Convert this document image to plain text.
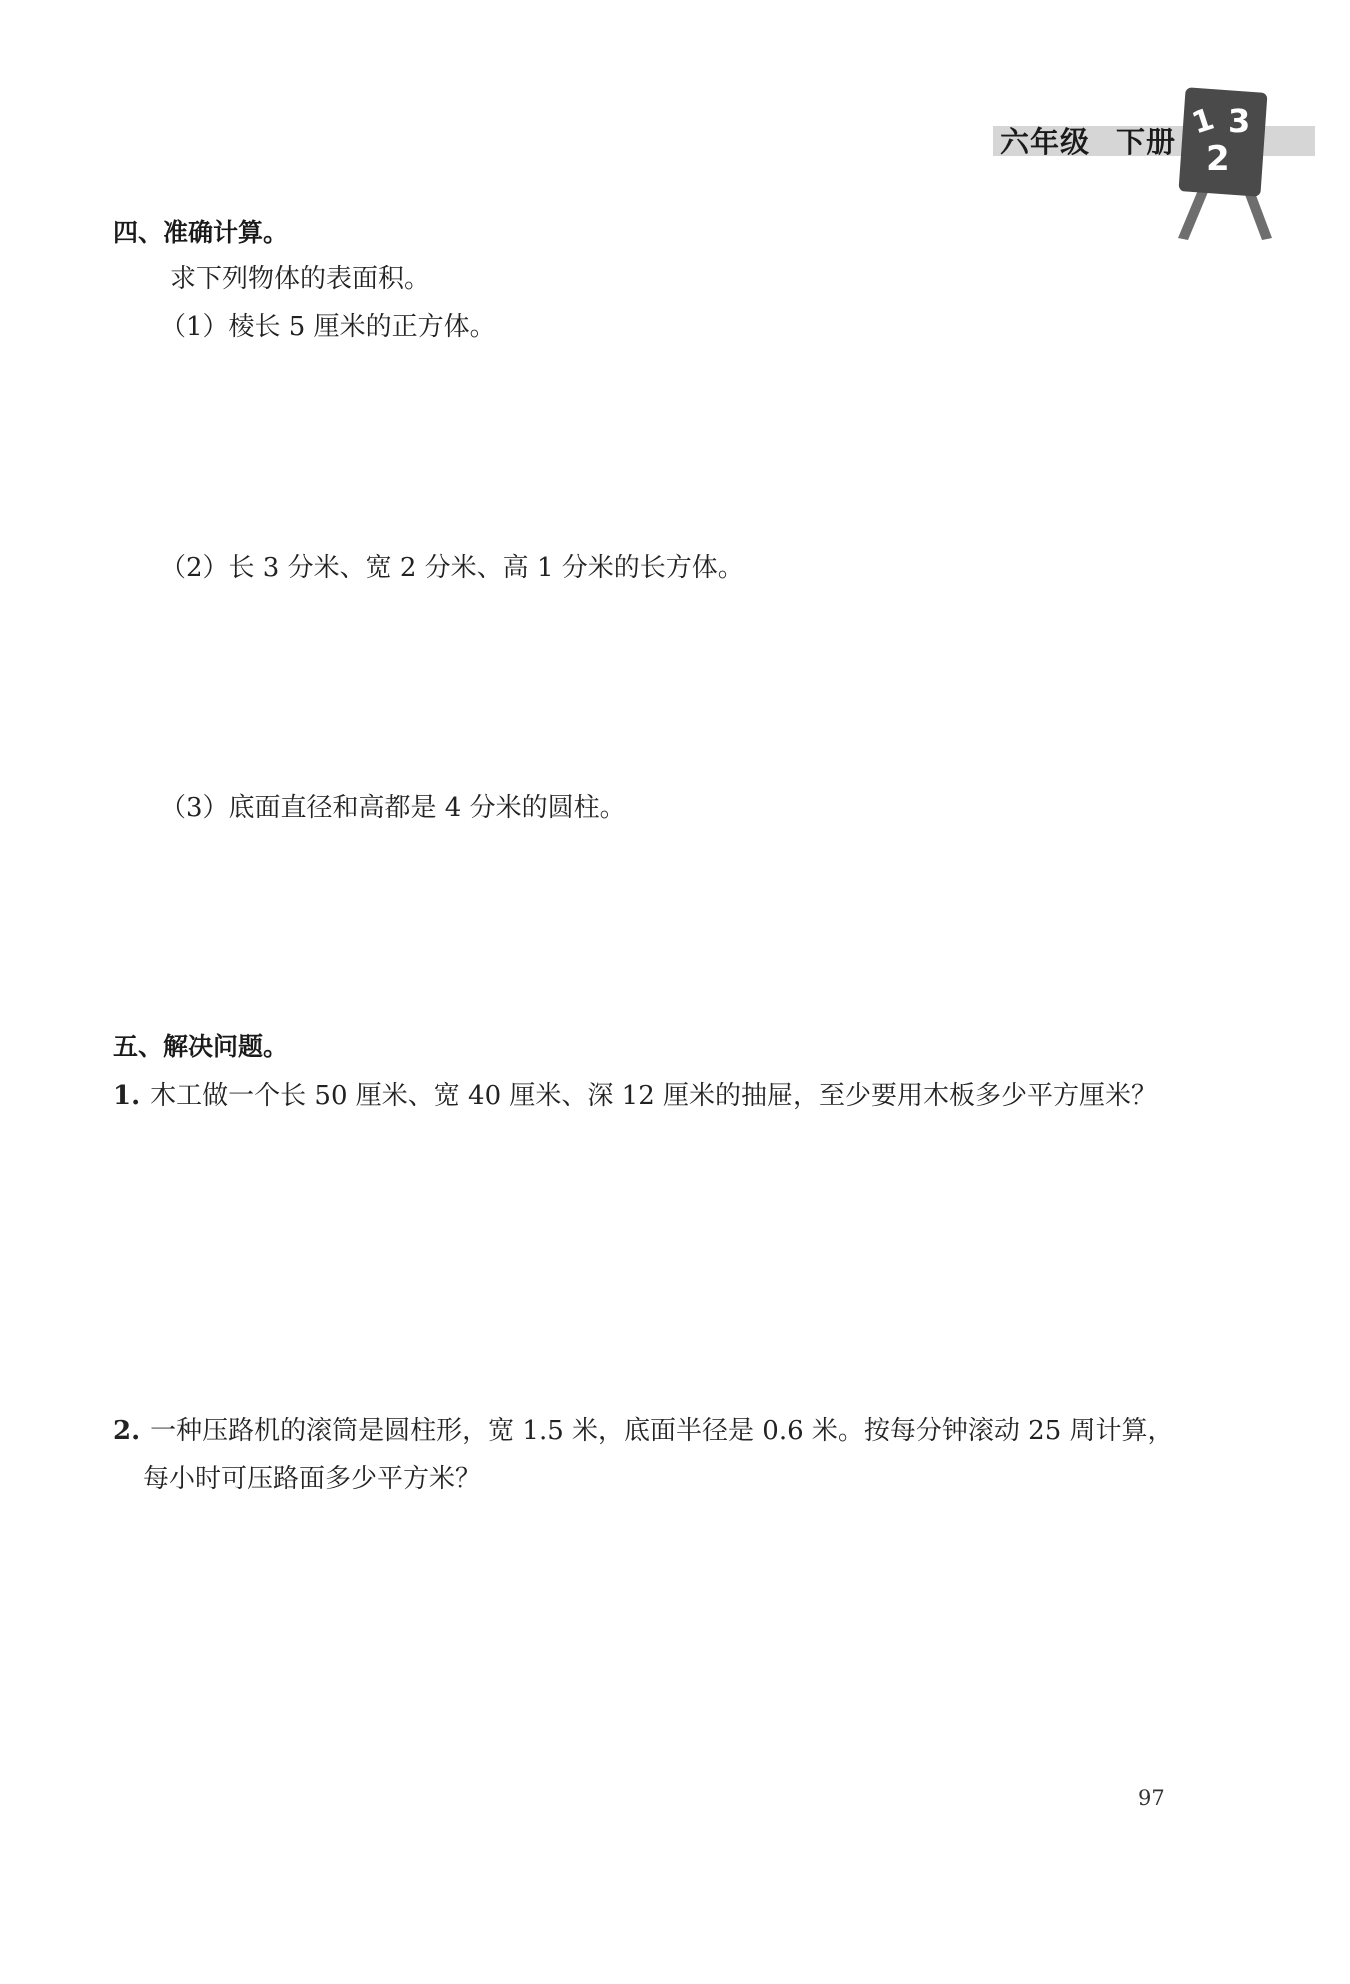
六年级 下册
1 3
2
四、准确计算。
求下列物体的表面积。
（1）棱长 5 厘米的正方体。
（2）长 3 分米、宽 2 分米、高 1 分米的长方体。
（3）底面直径和高都是 4 分米的圆柱。
五、解决问题。
1. 木工做一个长 50 厘米、宽 40 厘米、深 12 厘米的抽屉，至少要用木板多少平方厘米？
2. 一种压路机的滚筒是圆柱形，宽 1.5 米，底面半径是 0.6 米。按每分钟滚动 25 周计算，
每小时可压路面多少平方米？
97
